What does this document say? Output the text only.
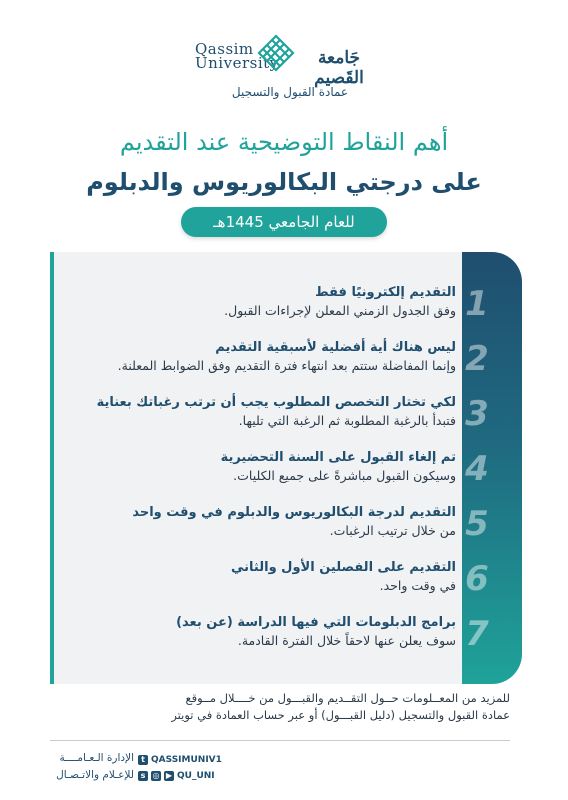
Qassim
University	جَامعة القَصيم
عمادة القبول والتسجيل
أهم النقاط التوضيحية عند التقديم
على درجتي البكالوريوس والدبلوم
للعام الجامعي 1445هـ
التقديم إلكترونيًا فقط
وفق الجدول الزمني المعلن لإجراءات القبول. 1
ليس هناك أية أفضلية لأسبقية التقديم
وإنما المفاضلة ستتم بعد انتهاء فترة التقديم وفق الضوابط المعلنة. 2
لكي تختار التخصص المطلوب يجب أن ترتب رغباتك بعناية
فتبدأ بالرغبة المطلوبة ثم الرغبة التي تليها. 3
تم إلغاء القبول على السنة التحضيرية
وسيكون القبول مباشرةً على جميع الكليات. 4
التقديم لدرجة البكالوريوس والدبلوم في وقت واحد
من خلال ترتيب الرغبات. 5
التقديم على الفصلين الأول والثاني
في وقت واحد. 6
برامج الدبلومات التي فيها الدراسة (عن بعد)
سوف يعلن عنها لاحقاً خلال الفترة القادمة. 7
للمزيد من المعــلومات حــول التقــديم والقبـــول من خــــلال مــوقع
عمادة القبول والتسجيل (دليل القبـــول) أو عبر حساب العمادة في تويتر
t QASSIMUNIV1
s ◎ ▶ QU_UNI
الإدارة الـعـامــــة
للإعـلام والاتـصـال
